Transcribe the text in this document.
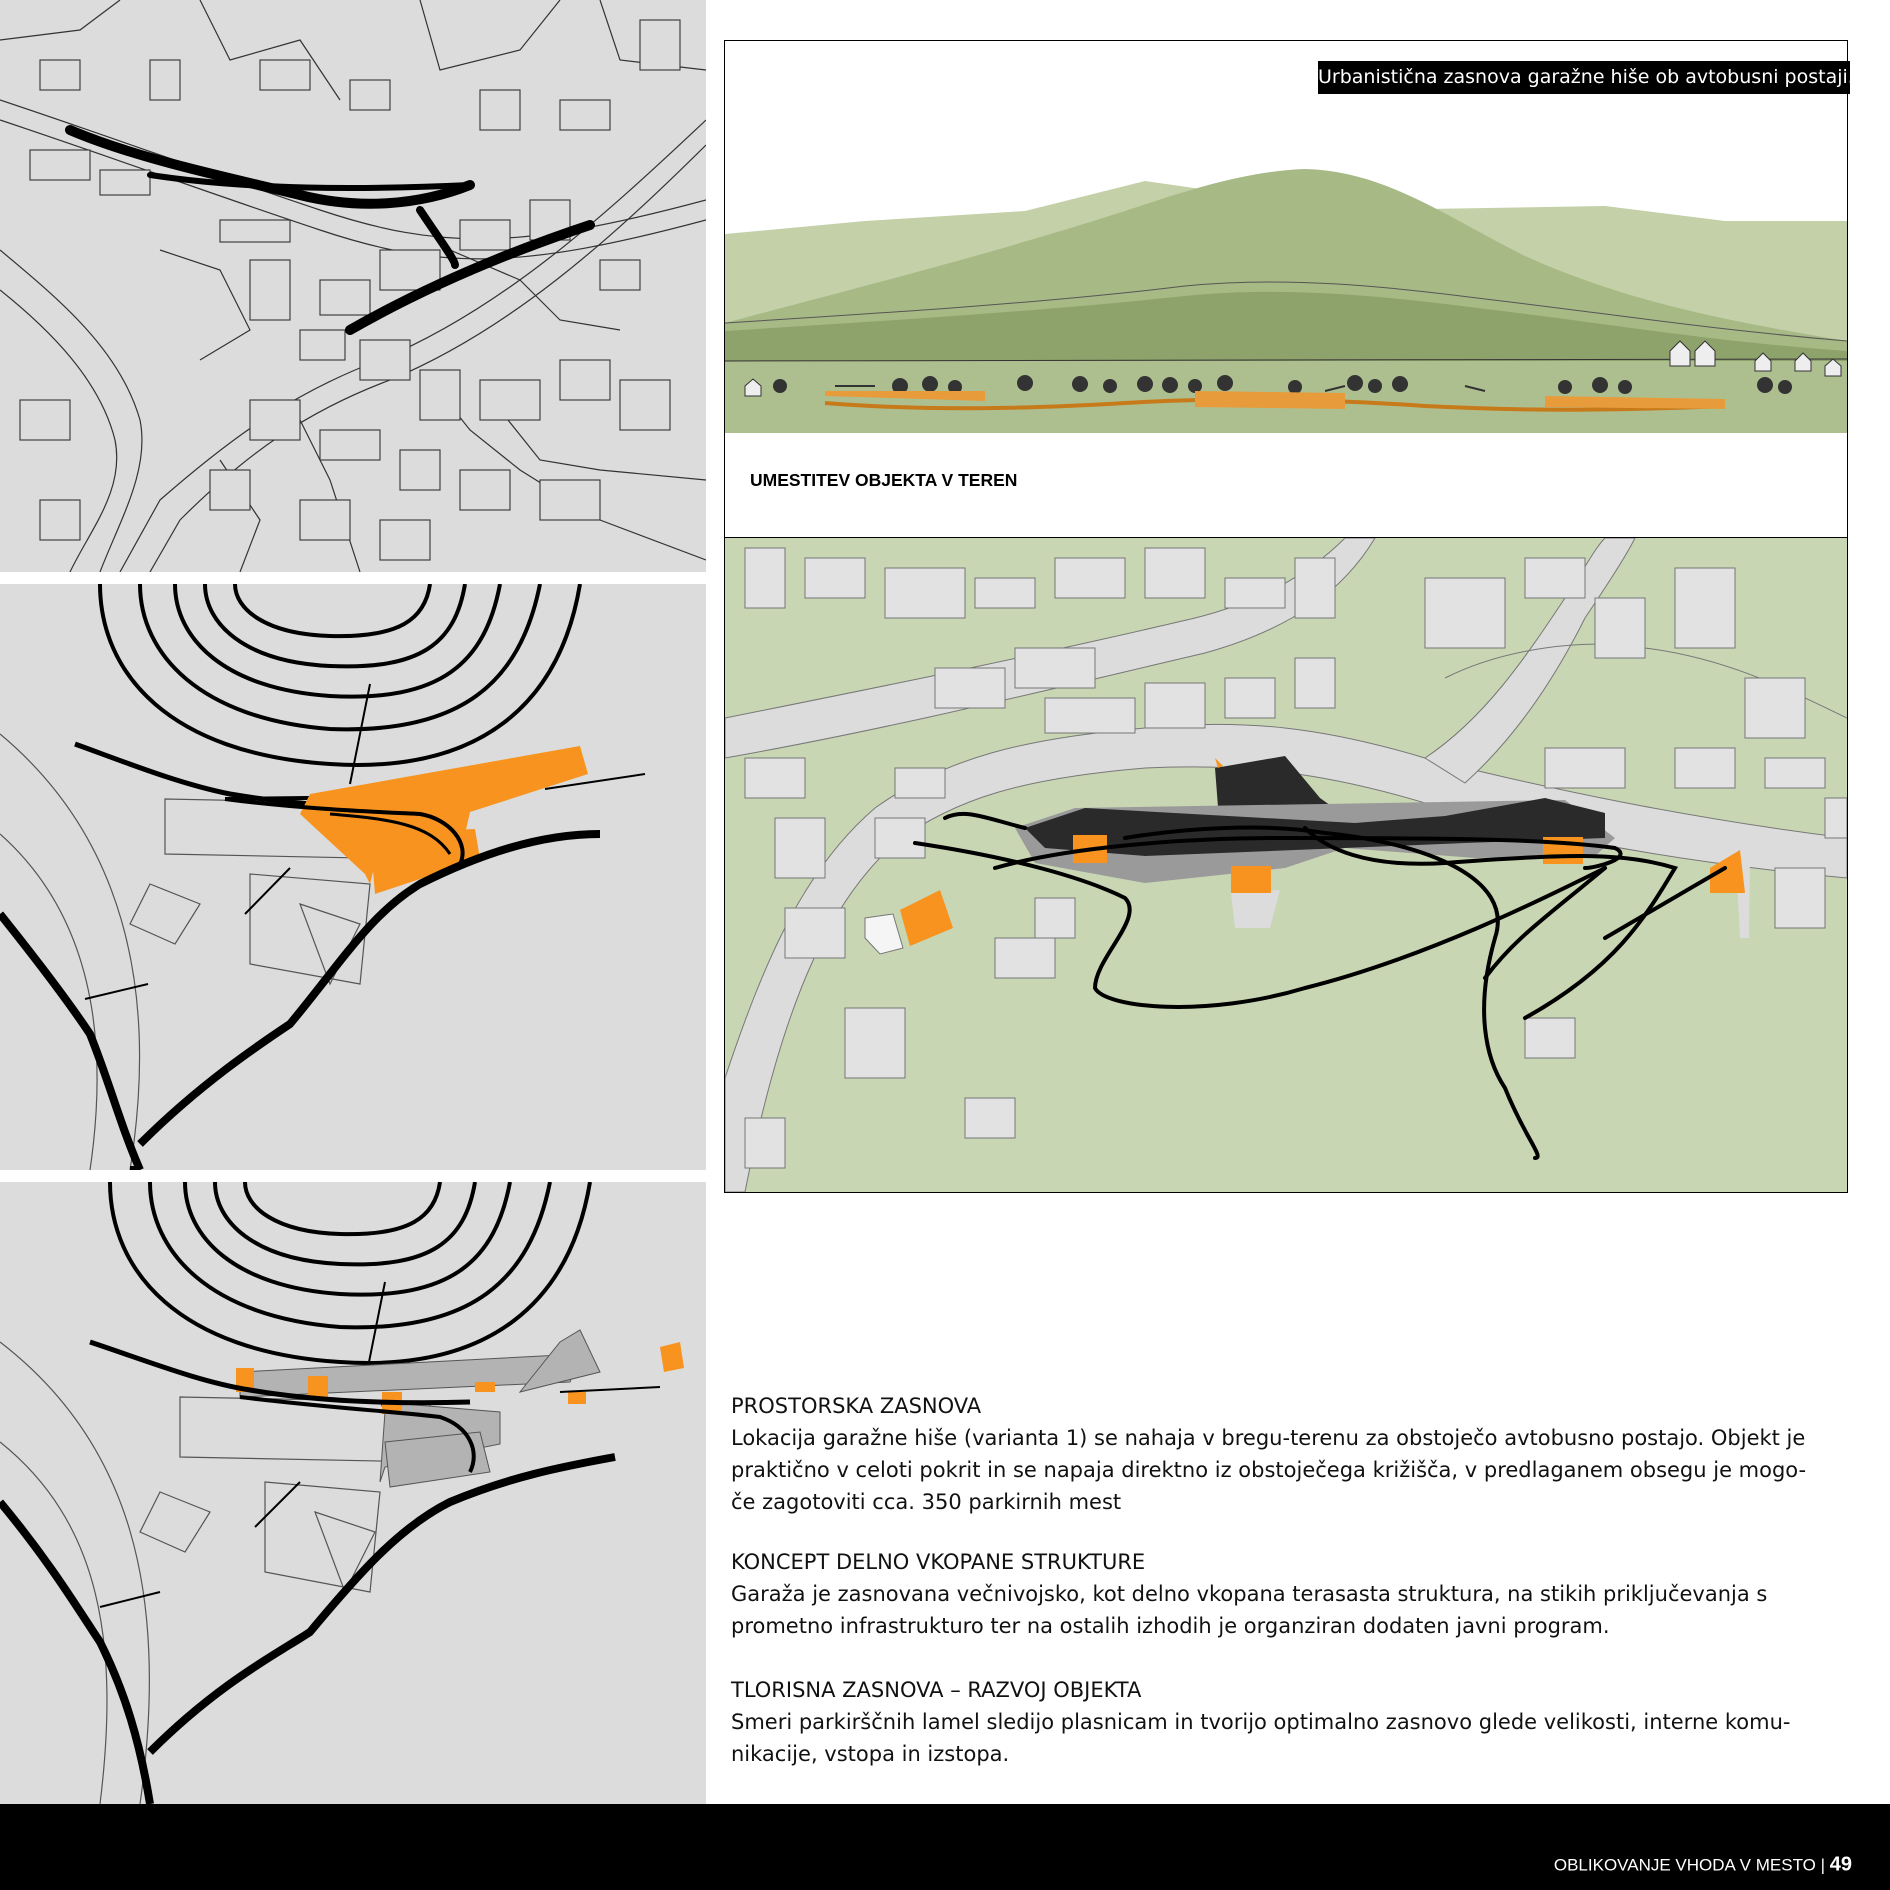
Urbanistična zasnova garažne hiše ob avtobusni postaji.
UMESTITEV OBJEKTA V TEREN
PROSTORSKA ZASNOVA

Lokacija garažne hiše (varianta 1) se nahaja v bregu-terenu za obstoječo avtobusno postajo. Objekt je

praktično v celoti pokrit in se napaja direktno iz obstoječega križišča, v predlaganem obsegu je mogo-

če zagotoviti cca. 350 parkirnih mest

KONCEPT DELNO VKOPANE STRUKTURE

Garaža je zasnovana večnivojsko, kot delno vkopana terasasta struktura, na stikih priključevanja s

prometno infrastrukturo ter na ostalih izhodih je organziran dodaten javni program.

TLORISNA ZASNOVA – RAZVOJ OBJEKTA

Smeri parkirščnih lamel sledijo plasnicam in tvorijo optimalno zasnovo glede velikosti, interne komu-

nikacije, vstopa in izstopa.

OBLIKOVANJE VHODA V MESTO | 49
